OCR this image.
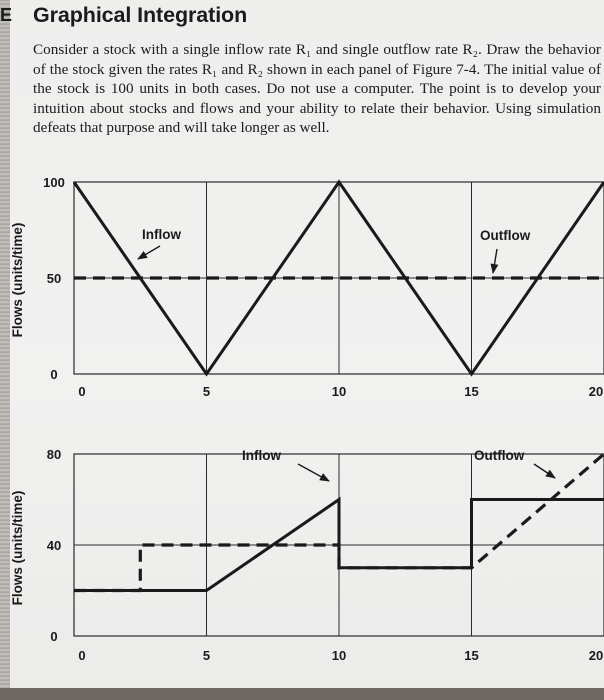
E Graphical Integration

Consider a stock with a single inflow rate R₁ and single outflow rate R₂. Draw the behavior of the stock given the rates R₁ and R₂ shown in each panel of Figure 7-4. The initial value of the stock is 100 units in both cases. Do not use a computer. The point is to develop your intuition about stocks and flows and your ability to relate their behavior. Using simulation defeats that purpose and will take longer as well.

Flows (units/time)
0
50
100
0	5	10	15	20
Inflow	Outflow
Flows (units/time)
0
40
80
0	5	10	15	20
Inflow	Outflow
